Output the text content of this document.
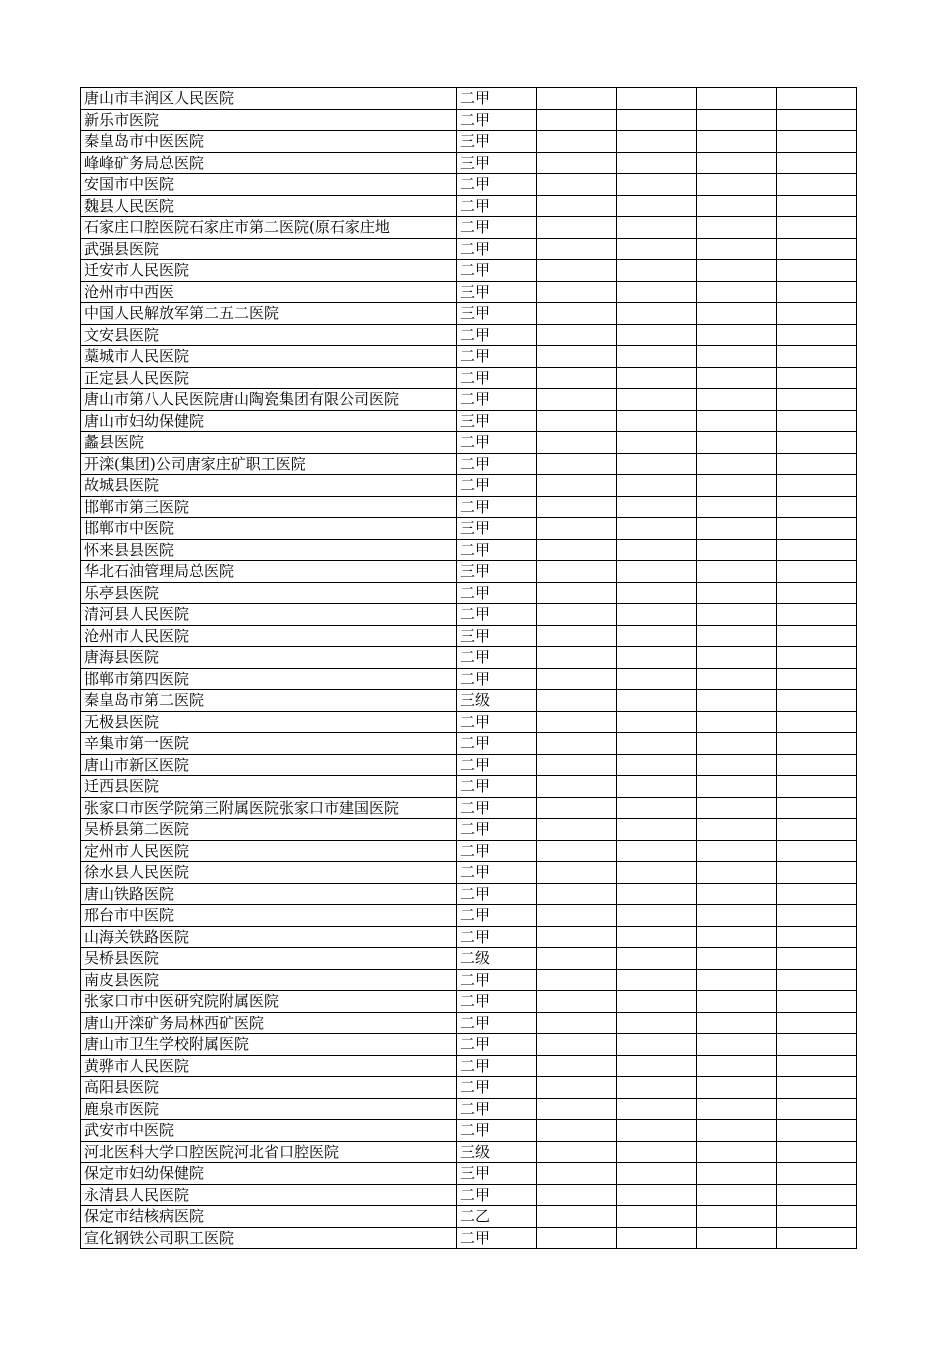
唐山市丰润区人民医院	二甲				

新乐市医院	二甲				

秦皇岛市中医医院	三甲				

峰峰矿务局总医院	三甲				

安国市中医院	二甲				

魏县人民医院	二甲				

石家庄口腔医院石家庄市第二医院(原石家庄地	二甲				

武强县医院	二甲				

迁安市人民医院	二甲				

沧州市中西医	三甲				

中国人民解放军第二五二医院	三甲				

文安县医院	二甲				

藁城市人民医院	二甲				

正定县人民医院	二甲				

唐山市第八人民医院唐山陶瓷集团有限公司医院	二甲				

唐山市妇幼保健院	三甲				

蠡县医院	二甲				

开滦(集团)公司唐家庄矿职工医院	二甲				

故城县医院	二甲				

邯郸市第三医院	二甲				

邯郸市中医院	三甲				

怀来县县医院	二甲				

华北石油管理局总医院	三甲				

乐亭县医院	二甲				

清河县人民医院	二甲				

沧州市人民医院	三甲				

唐海县医院	二甲				

邯郸市第四医院	二甲				

秦皇岛市第二医院	三级				

无极县医院	二甲				

辛集市第一医院	二甲				

唐山市新区医院	二甲				

迁西县医院	二甲				

张家口市医学院第三附属医院张家口市建国医院	二甲				

吴桥县第二医院	二甲				

定州市人民医院	二甲				

徐水县人民医院	二甲				

唐山铁路医院	二甲				

邢台市中医院	二甲				

山海关铁路医院	二甲				

吴桥县医院	二级				

南皮县医院	二甲				

张家口市中医研究院附属医院	二甲				

唐山开滦矿务局林西矿医院	二甲				

唐山市卫生学校附属医院	二甲				

黄骅市人民医院	二甲				

高阳县医院	二甲				

鹿泉市医院	二甲				

武安市中医院	二甲				

河北医科大学口腔医院河北省口腔医院	三级				

保定市妇幼保健院	三甲				

永清县人民医院	二甲				

保定市结核病医院	二乙				

宣化钢铁公司职工医院	二甲				
